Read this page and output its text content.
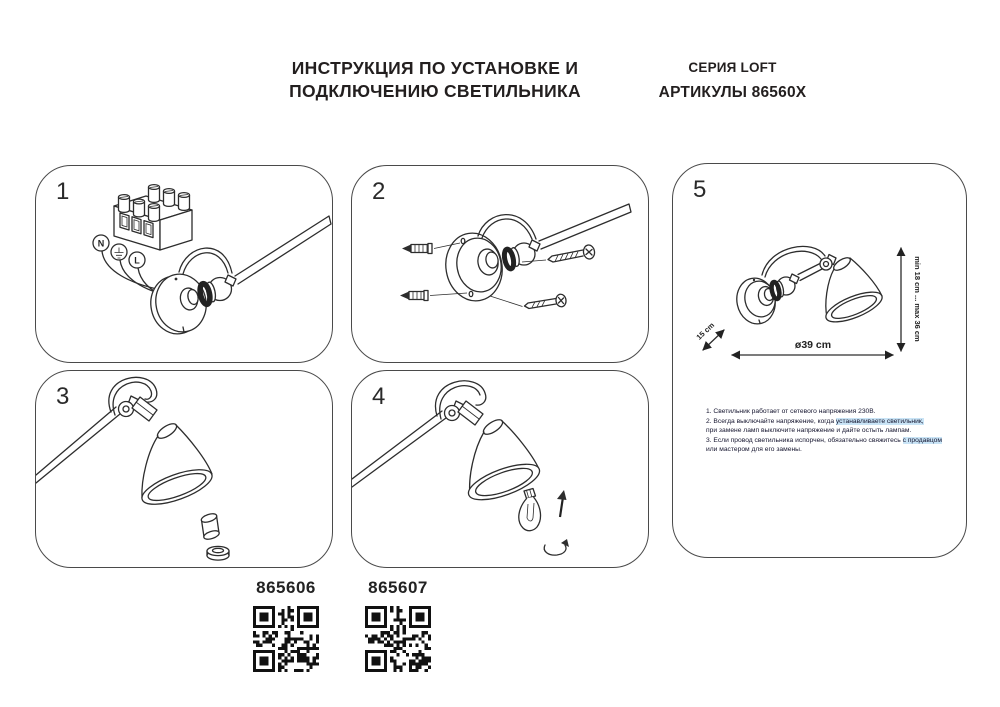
ИНСТРУКЦИЯ ПО УСТАНОВКЕ И
ПОДКЛЮЧЕНИЮ СВЕТИЛЬНИКА
СЕРИЯ LOFT
АРТИКУЛЫ 86560X
N
L
1	2
3	4
min 18 cm ... max 36 cm
ø39 cm
15 cm
5
1. Светильник работает от сетевого напряжения 230В.
2. Всегда выключайте напряжение, когда устанавливаете светильник,
при замене ламп выключите напряжение и дайте остыть лампам.
3. Если провод светильника испорчен, обязательно свяжитесь с продавцом
или мастером для его замены.
865606	865607
